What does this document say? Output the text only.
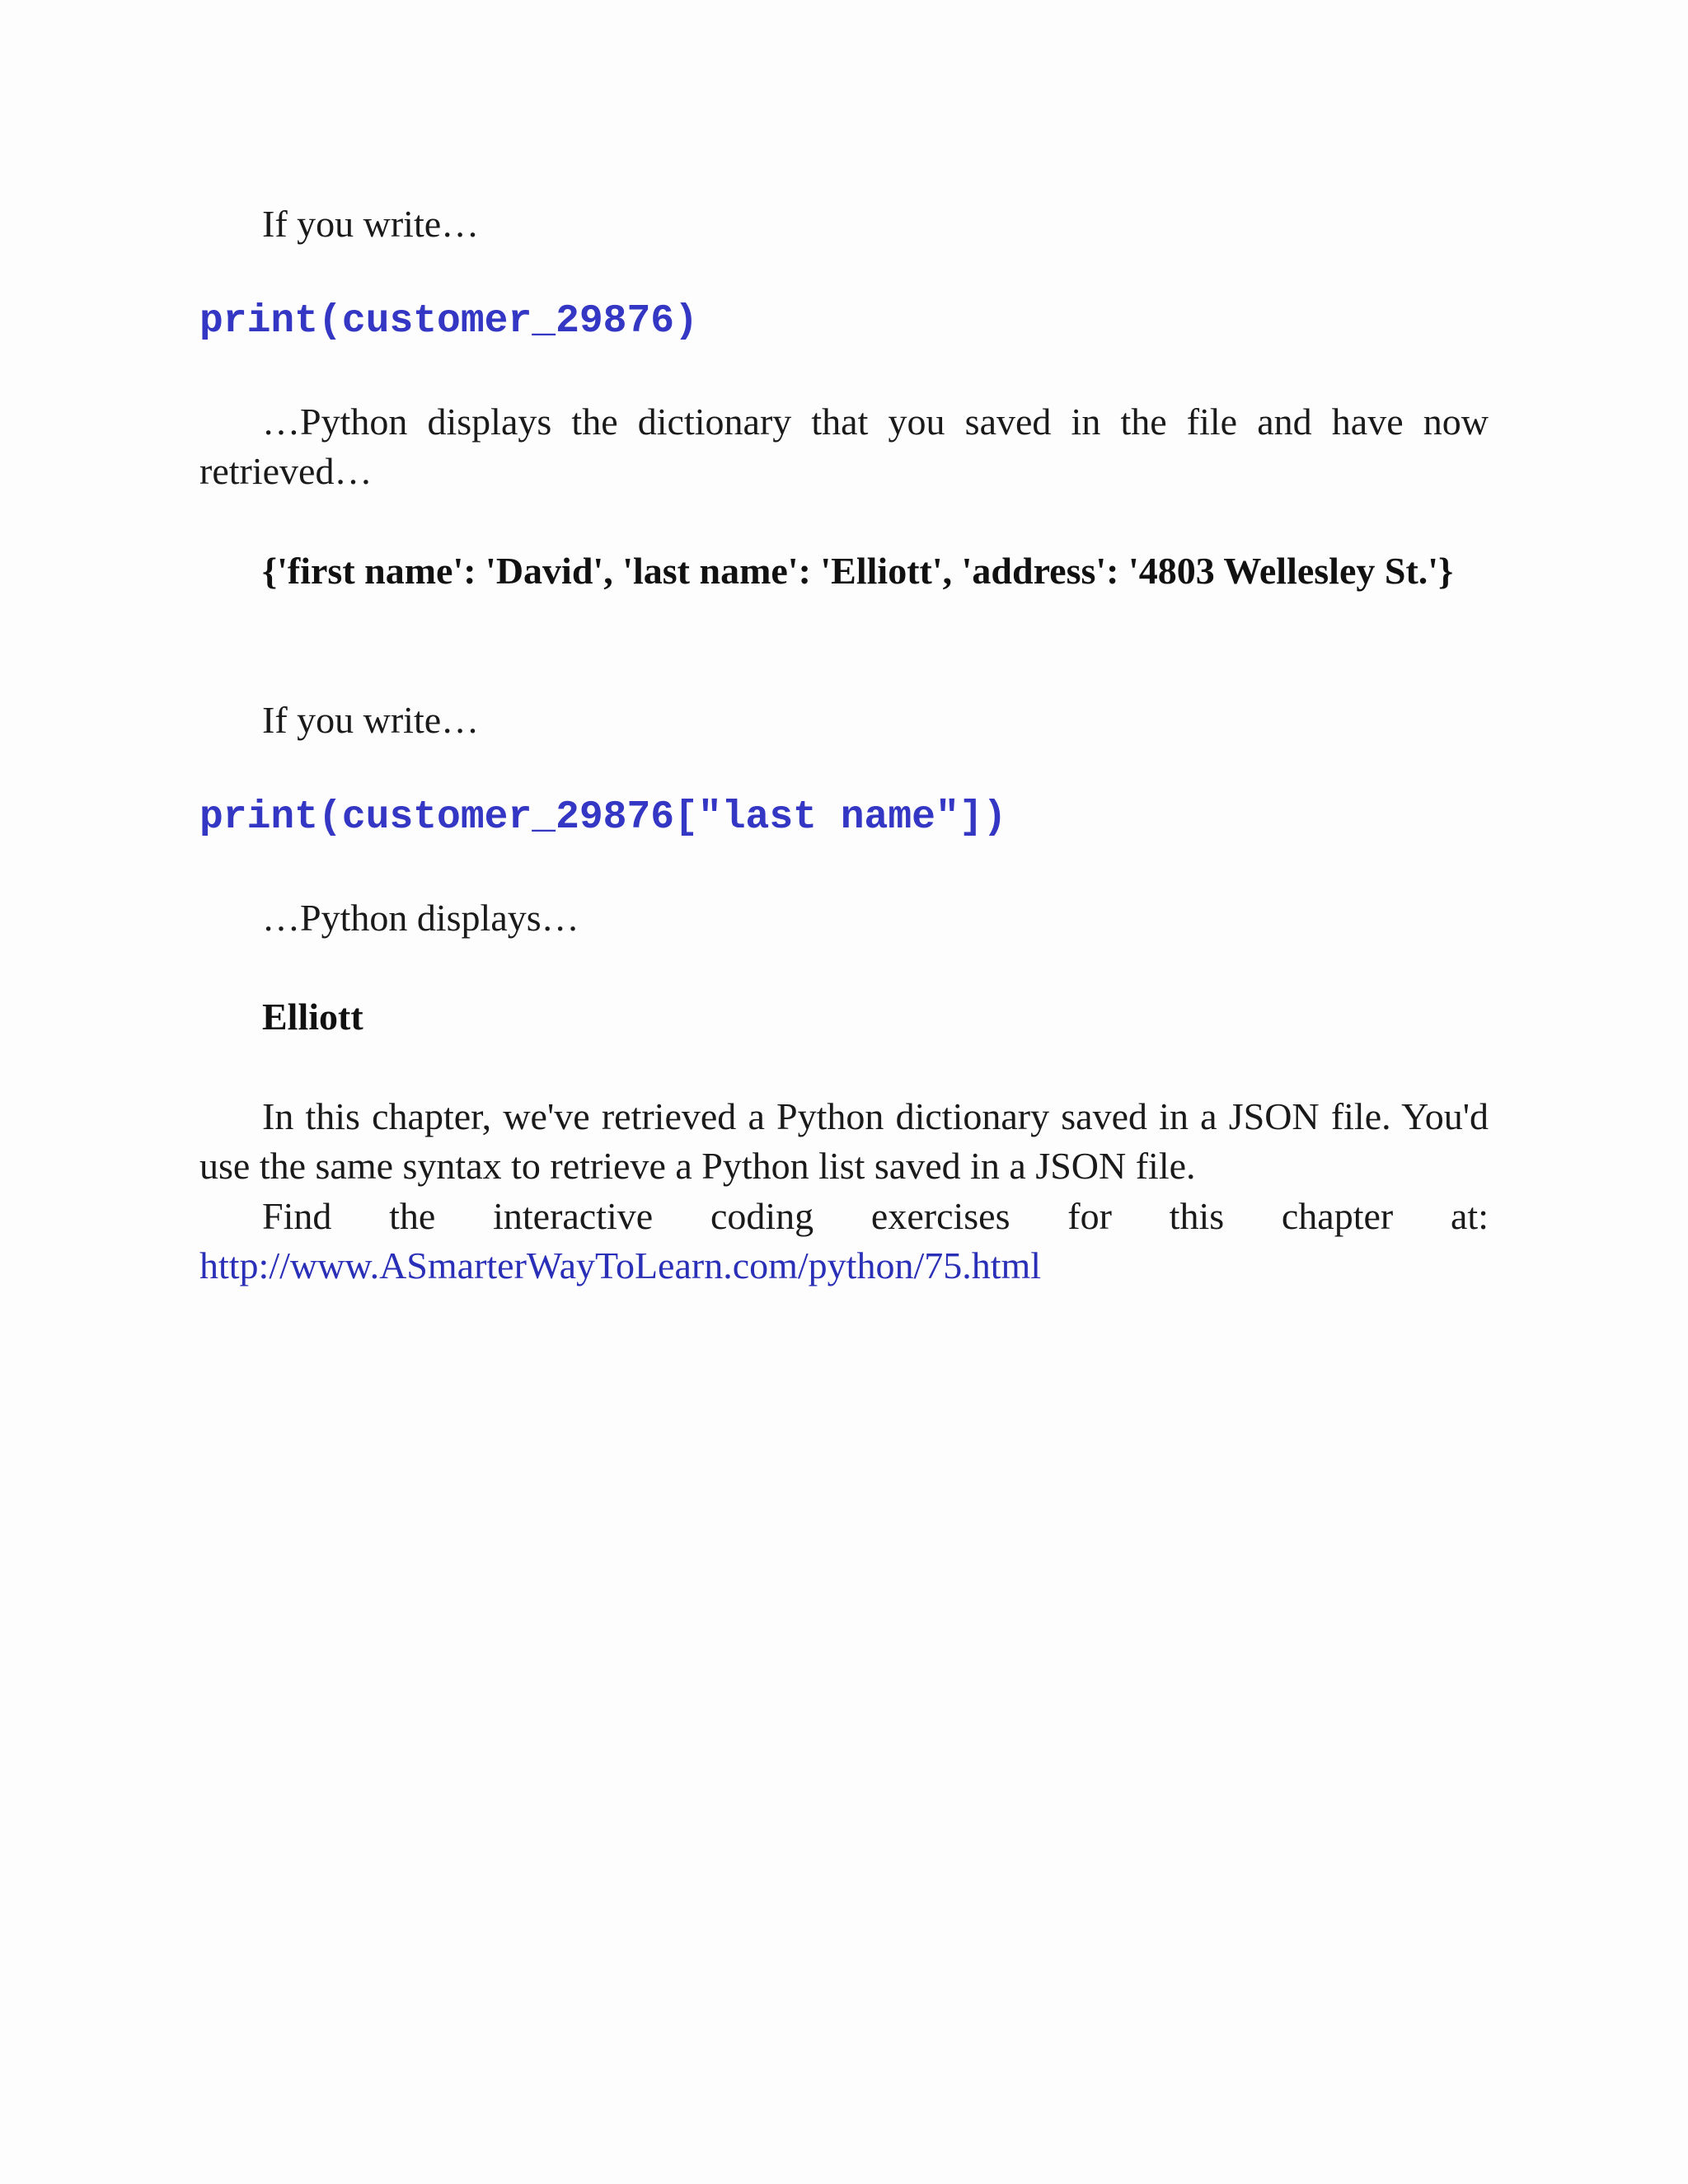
If you write…

print(customer_29876)

…Python displays the dictionary that you saved in the file and have now retrieved…

{'first name': 'David', 'last name': 'Elliott', 'address': '4803 Wellesley St.'}

If you write…

print(customer_29876["last name"])

…Python displays…

Elliott

In this chapter, we've retrieved a Python dictionary saved in a JSON file. You'd use the same syntax to retrieve a Python list saved in a JSON file.

Find the interactive coding exercises for this chapter at:

http://www.ASmarterWayToLearn.com/python/75.html
